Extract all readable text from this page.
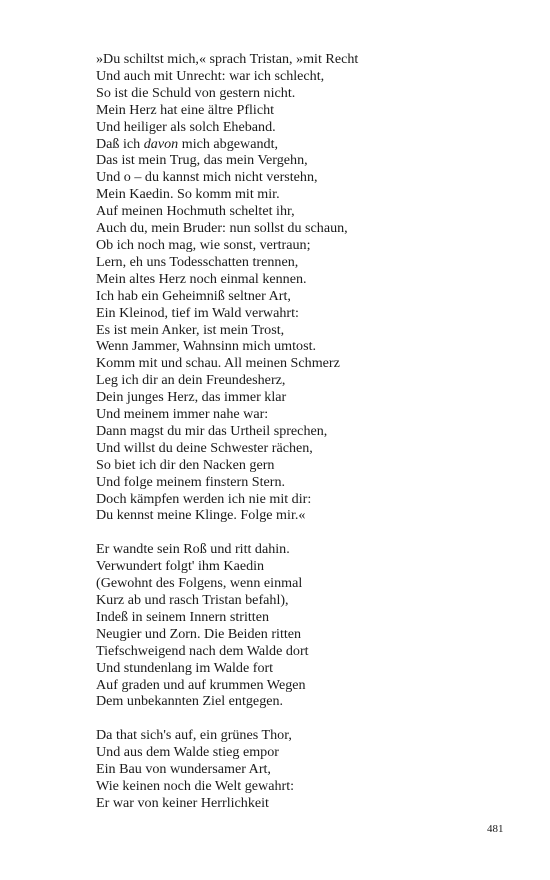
»Du schiltst mich,« sprach Tristan, »mit Recht
Und auch mit Unrecht: war ich schlecht,
So ist die Schuld von gestern nicht.
Mein Herz hat eine ältre Pflicht
Und heiliger als solch Eheband.
Daß ich davon mich abgewandt,
Das ist mein Trug, das mein Vergehn,
Und o – du kannst mich nicht verstehn,
Mein Kaedin. So komm mit mir.
Auf meinen Hochmuth scheltet ihr,
Auch du, mein Bruder: nun sollst du schaun,
Ob ich noch mag, wie sonst, vertraun;
Lern, eh uns Todesschatten trennen,
Mein altes Herz noch einmal kennen.
Ich hab ein Geheimniß seltner Art,
Ein Kleinod, tief im Wald verwahrt:
Es ist mein Anker, ist mein Trost,
Wenn Jammer, Wahnsinn mich umtost.
Komm mit und schau. All meinen Schmerz
Leg ich dir an dein Freundesherz,
Dein junges Herz, das immer klar
Und meinem immer nahe war:
Dann magst du mir das Urtheil sprechen,
Und willst du deine Schwester rächen,
So biet ich dir den Nacken gern
Und folge meinem finstern Stern.
Doch kämpfen werden ich nie mit dir:
Du kennst meine Klinge. Folge mir.«
Er wandte sein Roß und ritt dahin.
Verwundert folgt' ihm Kaedin
(Gewohnt des Folgens, wenn einmal
Kurz ab und rasch Tristan befahl),
Indeß in seinem Innern stritten
Neugier und Zorn. Die Beiden ritten
Tiefschweigend nach dem Walde dort
Und stundenlang im Walde fort
Auf graden und auf krummen Wegen
Dem unbekannten Ziel entgegen.
Da that sich's auf, ein grünes Thor,
Und aus dem Walde stieg empor
Ein Bau von wundersamer Art,
Wie keinen noch die Welt gewahrt:
Er war von keiner Herrlichkeit
481
